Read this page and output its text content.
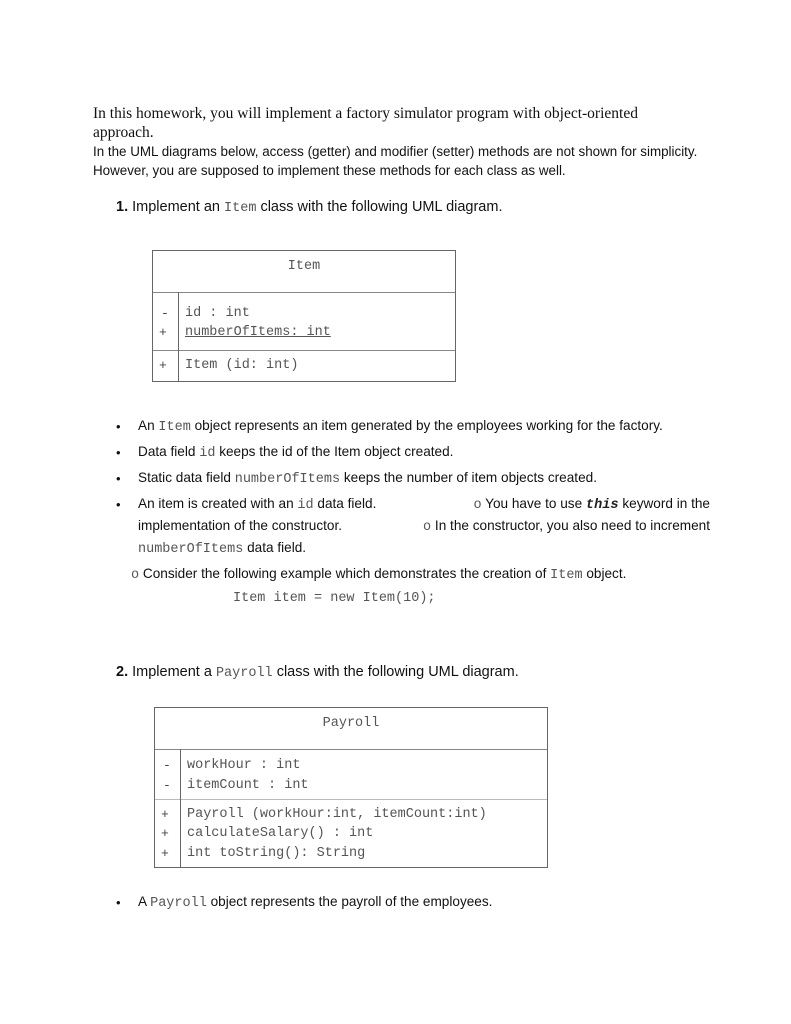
In this homework, you will implement a factory simulator program with object-oriented
approach.
In the UML diagrams below, access (getter) and modifier (setter) methods are not shown for simplicity.
However, you are supposed to implement these methods for each class as well.
1. Implement an Item class with the following UML diagram.
Item
- id : int
+ numberOfItems: int
+ Item (id: int)
• An Item object represents an item generated by the employees working for the factory.
• Data field id keeps the id of the Item object created.
• Static data field numberOfItems keeps the number of item objects created.
• An item is created with an id data field.	o You have to use this keyword in the
implementation of the constructor.	o In the constructor, you also need to increment
numberOfItems data field.
o Consider the following example which demonstrates the creation of Item object.
Item item = new Item(10);
2. Implement a Payroll class with the following UML diagram.
Payroll
- workHour : int
- itemCount : int
+ Payroll (workHour:int, itemCount:int)
+ calculateSalary() : int
+ int toString(): String
• A Payroll object represents the payroll of the employees.
